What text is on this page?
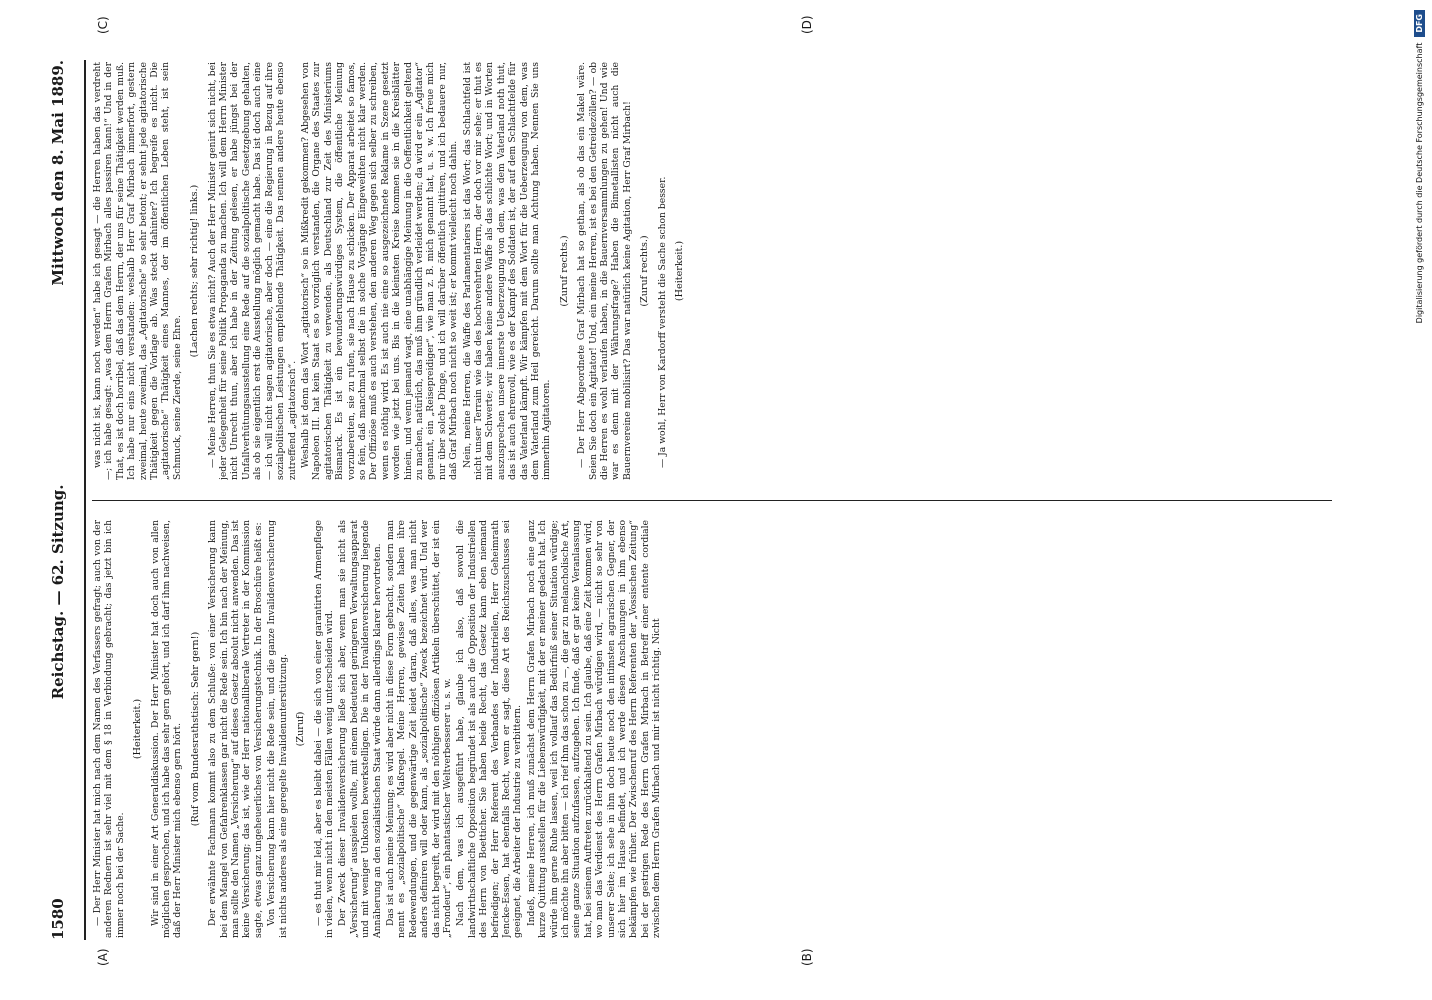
1580
Reichstag. — 62. Sitzung.
Mittwoch den 8. Mai 1889.
(A)	(B)
(C)	(D)

— Der Herr Minister hat mich nach dem Namen des Verfassers gefragt; auch von der anderen Rednern ist sehr viel mit dem § 18 in Verbindung gebracht; das jetzt bin ich immer noch bei der Sache.

(Heiterkeit.) Wir sind in einer Art Generaldiskussion. Der Herr Minister hat doch auch von allen möglichen gesprochen, und ich habe das sehr gern gehört, und ich darf ihm nachweisen, daß der Herr Minister mich ebenso gern hört. (Ruf vom Bundesrathstisch: Sehr gern!) Der erwähnte Fachmann kommt also zu dem Schluße: von einer Versicherung kann bei dem Mangel von Gefahrenklassen gar nicht die Rede sein. Ich bin nach der Meinung, man sollte den Namen „Versicherung“ auf dieses Gesetz absolut nicht anwenden. Das ist keine Versicherung; das ist, wie der Herr nationalliberale Vertreter in der Kommission sagte, etwas ganz ungeheuerliches von Versicherungstechnik. In der Broschüre heißt es: Von Versicherung kann hier nicht die Rede sein, und die ganze Invalidenversicherung ist nichts anderes als eine geregelte Invalidenunterstützung. (Zuruf) — es thut mir leid, aber es bleibt dabei — die sich von einer garantirten Armenpflege in vielen, wenn nicht in den meisten Fällen wenig unterscheiden wird. Der Zweck dieser Invalidenversicherung ließe sich aber, wenn man sie nicht als „Versicherung“ ausspielen wollte, mit einem bedeutend geringeren Verwaltungsapparat und mit weniger Unkosten bewerkstelligen. Die in der Invalidenversicherung liegende Annäherung an den sozialistischen Staat würde dann allerdings klarer hervortreten. Das ist auch meine Meinung; es wird aber nicht in diese Form gebracht, sondern man nennt es „sozialpolitische“ Maßregel. Meine Herren, gewisse Zeiten haben ihre Redewendungen, und die gegenwärtige Zeit leidet daran, daß alles, was man nicht anders definiren will oder kann, als „sozialpolitische“ Zweck bezeichnet wird. Und wer das nicht begreift, der wird mit den nöthigen offiziösen Artikeln überschüttet, der ist ein „Frondeur“, ein phantastischer Weltverbesserer u. s. w. Nach dem, was ich ausgeführt habe, glaube ich also, daß sowohl die landwirthschaftliche Opposition begründet ist als auch die Opposition der Industriellen des Herrn von Boetticher. Sie haben beide Recht, das Gesetz kann eben niemand befriedigen; der Herr Referent des Verbandes der Industriellen, Herr Geheimrath Jencke-Essen, hat ebenfalls Recht, wenn er sagt, diese Art des Reichszuschusses sei geeignet, die Arbeiter der Industrie zu verbittern. Indeß, meine Herren, ich muß zunächst dem Herrn Grafen Mirbach noch eine ganz kurze Quittung ausstellen für die Liebenswürdigkeit, mit der er meiner gedacht hat. Ich würde ihm gerne Ruhe lassen, weil ich vollauf das Bedürfniß seiner Situation würdige; ich möchte ihn aber bitten — ich rief ihm das schon zu —, die gar zu melancholische Art, seine ganze Situation aufzufassen, aufzugeben. Ich finde, daß er gar keine Veranlassung hat, bei seinem Auftreten zurückhaltend zu sein. Ich glaube, daß eine Zeit kommen wird, wo man das Verdienst des Herrn Grafen Mirbach würdigen wird, — nicht so sehr von unserer Seite; ich sehe in ihm doch heute noch den intimsten agrarischen Gegner, der sich hier im Hause befindet, und ich werde diesen Anschauungen in ihm ebenso bekämpfen wie früher. Der Zwischenruf des Herrn Referenten der „Vossischen Zeitung“ bei der gestrigen Rede des Herrn Grafen Mirbach in Betreff einer entente cordiale zwischen dem Herrn Grafen Mirbach und mir ist nicht richtig. Nicht

was nicht ist, kann noch werden“ habe ich gesagt — die Herren haben das verdreht —; ich habe gesagt: „was dem Herrn Grafen Mirbach alles passiren kann!“ Und in der That, es ist doch horribel, daß das dem Herrn, der uns für seine Thätigkeit werden muß. Ich habe nur eins nicht verstanden: weshalb Herr Graf Mirbach immerfort, gestern zweimal, heute zweimal, das „Agitatorische“ so sehr betont; er sehnt jede agitatorische Thätigkeit gegen die Vorlage ab. Was steckt dahinter? Ich begreife es nicht. Die „agitatorische“ Thätigkeit eines Mannes, der im öffentlichen Leben steht, ist sein Schmuck, seine Zierde, seine Ehre.

(Lachen rechts; sehr richtig! links.) — Meine Herren, thun Sie es etwa nicht? Auch der Herr Minister genirt sich nicht, bei jeder Gelegenheit für seine Politik Propaganda zu machen. Ich will dem Herrn Minister nicht Unrecht thun, aber ich habe in der Zeitung gelesen, er habe jüngst bei der Unfallverhütungsausstellung eine Rede auf die sozialpolitische Gesetzgebung gehalten, als ob sie eigentlich erst die Ausstellung möglich gemacht habe. Das ist doch auch eine — ich will nicht sagen agitatorische, aber doch — eine die Regierung in Bezug auf ihre sozialpolitischen Leistungen empfehlende Thätigkeit. Das nennen andere heute ebenso zutreffend „agitatorisch“. Weshalb ist denn das Wort „agitatorisch“ so in Mißkredit gekommen? Abgesehen von Napoleon III. hat kein Staat es so vorzüglich verstanden, die Organe des Staates zur agitatorischen Thätigkeit zu verwenden, als Deutschland zur Zeit des Ministeriums Bismarck. Es ist ein bewunderungswürdiges System, die öffentliche Meinung vorzubereiten, sie zu rufen, sie nach Hause zu schicken. Der Apparat arbeitet so famos, so fein, daß manchmal selbst die in solche Vorgänge Eingeweihten nicht klar werden. Der Offiziöse muß es auch verstehen, den anderen Weg gegen sich selber zu schreiben, wenn es nöthig wird. Es ist auch nie eine so ausgezeichnete Reklame in Szene gesetzt worden wie jetzt bei uns. Bis in die kleinsten Kreise kommen sie in die Kreisblätter hinein, und wenn jemand wagt, eine unabhängige Meinung in die Oeffentlichkeit geltend zu machen, natürlich, das muß ihm gründlich verleidet werden; da wird er ein „Agitator“ genannt, ein „Reisepreidiger“, wie man z. B. mich genannt hat, u. s. w. Ich freue mich nur über solche Dinge, und ich will darüber öffentlich quittiren, und ich bedauere nur, daß Graf Mirbach noch nicht so weit ist; er kommt vielleicht noch dahin. Nein, meine Herren, die Waffe des Parlamentariers ist das Wort; das Schlachtfeld ist nicht unser Terrain wie das des hochverehrten Herrn, der doch vor mir sehe; er thut es mit dem Schwerte; wir haben keine andere Waffe als das schlichte Wort; und in Worten auszusprechen unsere innerste Ueberzeugung von dem, was dem Vaterland noth thut, das ist auch ehrenvoll, wie es der Kampf des Soldaten ist, der auf dem Schlachtfelde für das Vaterland kämpft. Wir kämpfen mit dem Wort für die Ueberzeugung von dem, was dem Vaterland zum Heil gereicht. Darum sollte man Achtung haben. Nennen Sie uns immerhin Agitatoren.

(Zuruf rechts.) — Der Herr Abgeordnete Graf Mirbach hat so gethan, als ob das ein Makel wäre. Seien Sie doch ein Agitator! Und, ein meine Herren, ist es bei den Getreidezöllen? — ob die Herren es wohl verlaufen haben, in die Bauernversammlungen zu gehen! Und wie war es denn mit der Währungsfrage? Haben die Bimetallisten nicht auch die Bauernvereine mobilisirt? Das war natürlich keine Agitation, Herr Graf Mirbach! (Zuruf rechts.) — Ja wohl, Herr von Kardorff versteht die Sache schon besser. (Heiterkeit.)	Digitalisierung gefördert durch die Deutsche Forschungsgemeinschaft
DFG
